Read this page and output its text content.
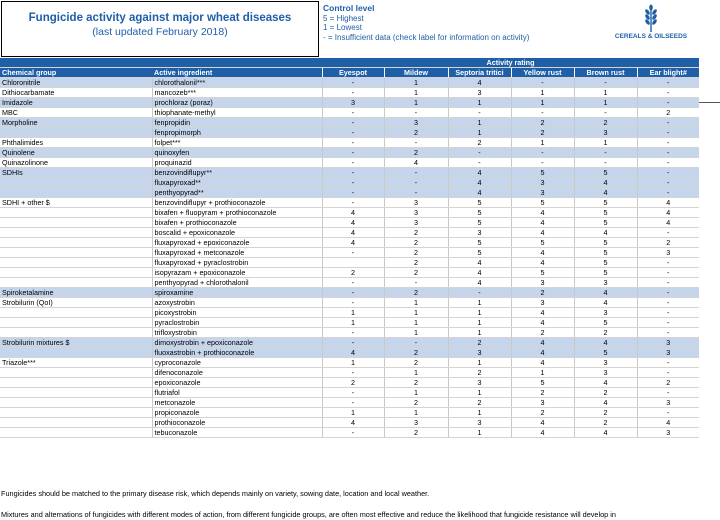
Fungicide activity against major wheat diseases
(last updated February 2018)
Control level
5 = Highest
1 = Lowest
- = Insufficient data (check label for information on activity)	CEREALS & OILSEEDS
		Activity rating					
Chemical group	Active ingredient	Eyespot	Mildew	Septoria tritici	Yellow rust	Brown rust	Ear blight#
Chloronitrile	chlorothalonil***	-	1	4	-	-	-
Dithiocarbamate	mancozeb***	-	1	3	1	1	-
Imidazole	prochloraz (poraz)	3	1	1	1	1	-
MBC	thiophanate-methyl	-	-	-	-	-	2
Morpholine	fenpropidin	-	3	1	2	2	-
	fenpropimorph	-	2	1	2	3	-
Phthalimides	folpet***	-	-	2	1	1	-
Quinolene	quinoxyfen	-	2	-	-	-	-
Quinazolinone	proquinazid	-	4	-	-	-	-
SDHIs	benzovindiflupyr**	-	-	4	5	5	-
	fluxapyroxad**	-	-	4	3	4	-
	penthyopyrad**	-	-	4	3	4	-
SDHI + other $	benzovindiflupyr + prothioconazole	-	3	5	5	5	4
	bixafen + fluopyram + prothioconazole	4	3	5	4	5	4
	bixafen + prothioconazole	4	3	5	4	5	4
	boscalid + epoxiconazole	4	2	3	4	4	-
	fluxapyroxad + epoxiconazole	4	2	5	5	5	2
	fluxapyroxad + metconazole	-	2	5	4	5	3
	fluxapyroxad + pyraclostrobin		2	4	4	5	-
	isopyrazam + epoxiconazole	2	2	4	5	5	-
	penthyopyrad + chlorothalonil	-	-	4	3	3	-
Spiroketalamine	spiroxamine	-	2	-	2	4	-
Strobilurin (QoI)	azoxystrobin	-	1	1	3	4	-
	picoxystrobin	1	1	1	4	3	-
	pyraclostrobin	1	1	1	4	5	-
	trifloxystrobin	-	1	1	2	2	-
Strobilurin mixtures $	dimoxystrobin + epoxiconazole	-	-	2	4	4	3
	fluoxastrobin + prothioconazole	4	2	3	4	5	3
Triazole***	cyproconazole	1	2	1	4	3	-
	difenoconazole	-	1	2	1	3	-
	epoxiconazole	2	2	3	5	4	2
	flutriafol	-	1	1	2	2	-
	metconazole	-	2	2	3	4	3
	propiconazole	1	1	1	2	2	-
	prothioconazole	4	3	3	4	2	4
	tebuconazole	-	2	1	4	4	3

Fungicides should be matched to the primary disease risk, which depends mainly on variety, sowing date, location and local weather.

Mixtures and alternations of fungicides with different modes of action, from different fungicide groups, are often most effective and reduce the likelihood that fungicide resistance will develop in
